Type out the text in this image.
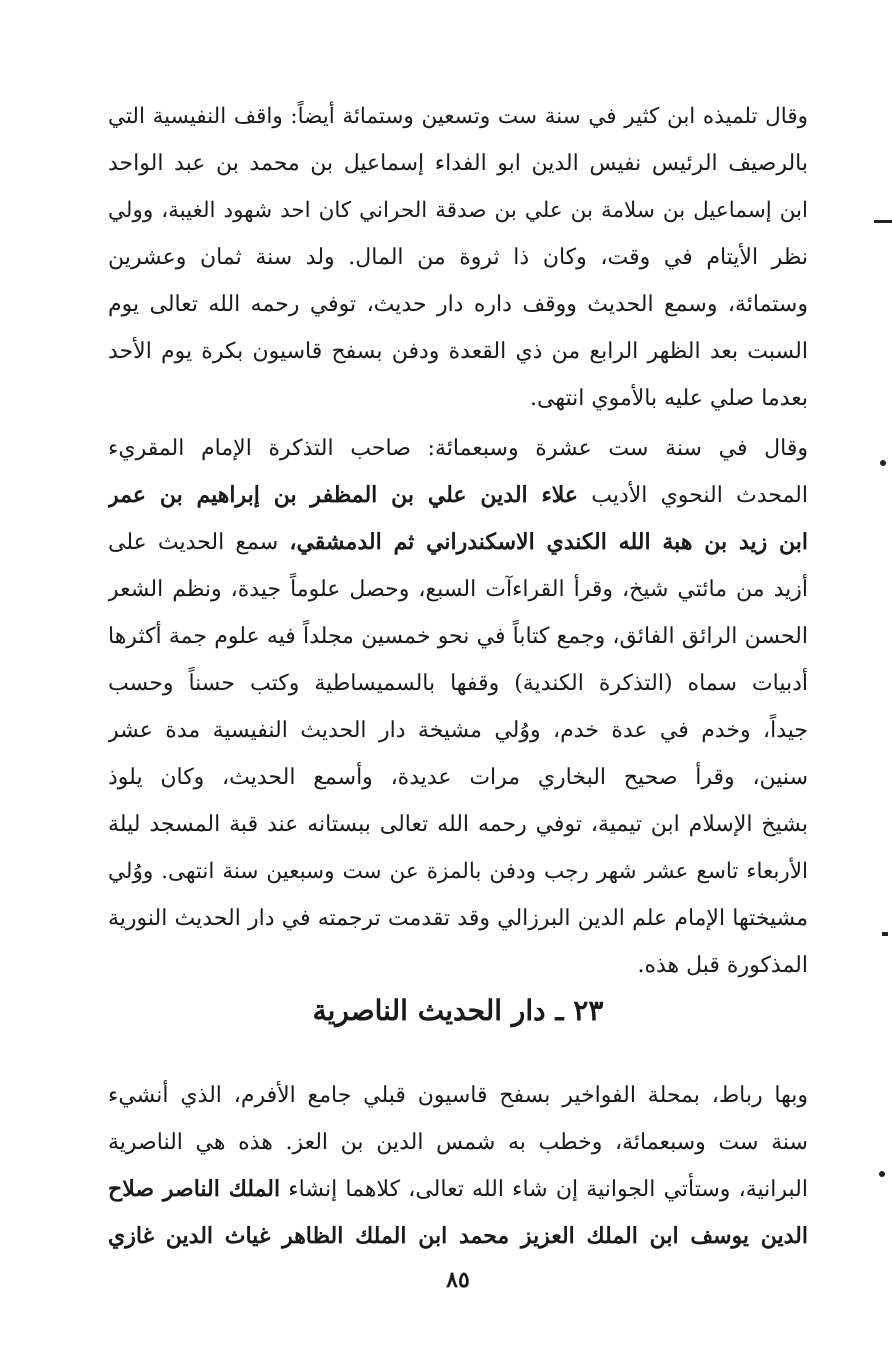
وقال تلميذه ابن كثير في سنة ست وتسعين وستمائة أيضاً: واقف النفيسية التي
بالرصيف الرئيس نفيس الدين ابو الفداء إسماعيل بن محمد بن عبد الواحد
ابن إسماعيل بن سلامة بن علي بن صدقة الحراني كان احد شهود الغيبة، وولي
نظر الأيتام في وقت، وكان ذا ثروة من المال. ولد سنة ثمان وعشرين
وستمائة، وسمع الحديث ووقف داره دار حديث، توفي رحمه الله تعالى يوم
السبت بعد الظهر الرابع من ذي القعدة ودفن بسفح قاسيون بكرة يوم الأحد
بعدما صلي عليه بالأموي انتهى.
وقال في سنة ست عشرة وسبعمائة: صاحب التذكرة الإمام المقريء
المحدث النحوي الأديب علاء الدين علي بن المظفر بن إبراهيم بن عمر
ابن زيد بن هبة الله الكندي الاسكندراني ثم الدمشقي، سمع الحديث على
أزيد من مائتي شيخ، وقرأ القراءآت السبع، وحصل علوماً جيدة، ونظم الشعر
الحسن الرائق الفائق، وجمع كتاباً في نحو خمسين مجلداً فيه علوم جمة أكثرها
أدبيات سماه (التذكرة الكندية) وقفها بالسميساطية وكتب حسناً وحسب
جيداً، وخدم في عدة خدم، ووُلي مشيخة دار الحديث النفيسية مدة عشر
سنين، وقرأ صحيح البخاري مرات عديدة، وأسمع الحديث، وكان يلوذ
بشيخ الإسلام ابن تيمية، توفي رحمه الله تعالى ببستانه عند قبة المسجد ليلة
الأربعاء تاسع عشر شهر رجب ودفن بالمزة عن ست وسبعين سنة انتهى. ووُلي
مشيختها الإمام علم الدين البرزالي وقد تقدمت ترجمته في دار الحديث النورية
المذكورة قبل هذه.
٢٣ ـ دار الحديث الناصرية
وبها رباط، بمحلة الفواخير بسفح قاسيون قبلي جامع الأفرم، الذي أنشيء
سنة ست وسبعمائة، وخطب به شمس الدين بن العز. هذه هي الناصرية
البرانية، وستأتي الجوانية إن شاء الله تعالى، كلاهما إنشاء الملك الناصر صلاح
الدين يوسف ابن الملك العزيز محمد ابن الملك الظاهر غياث الدين غازي
٨٥
